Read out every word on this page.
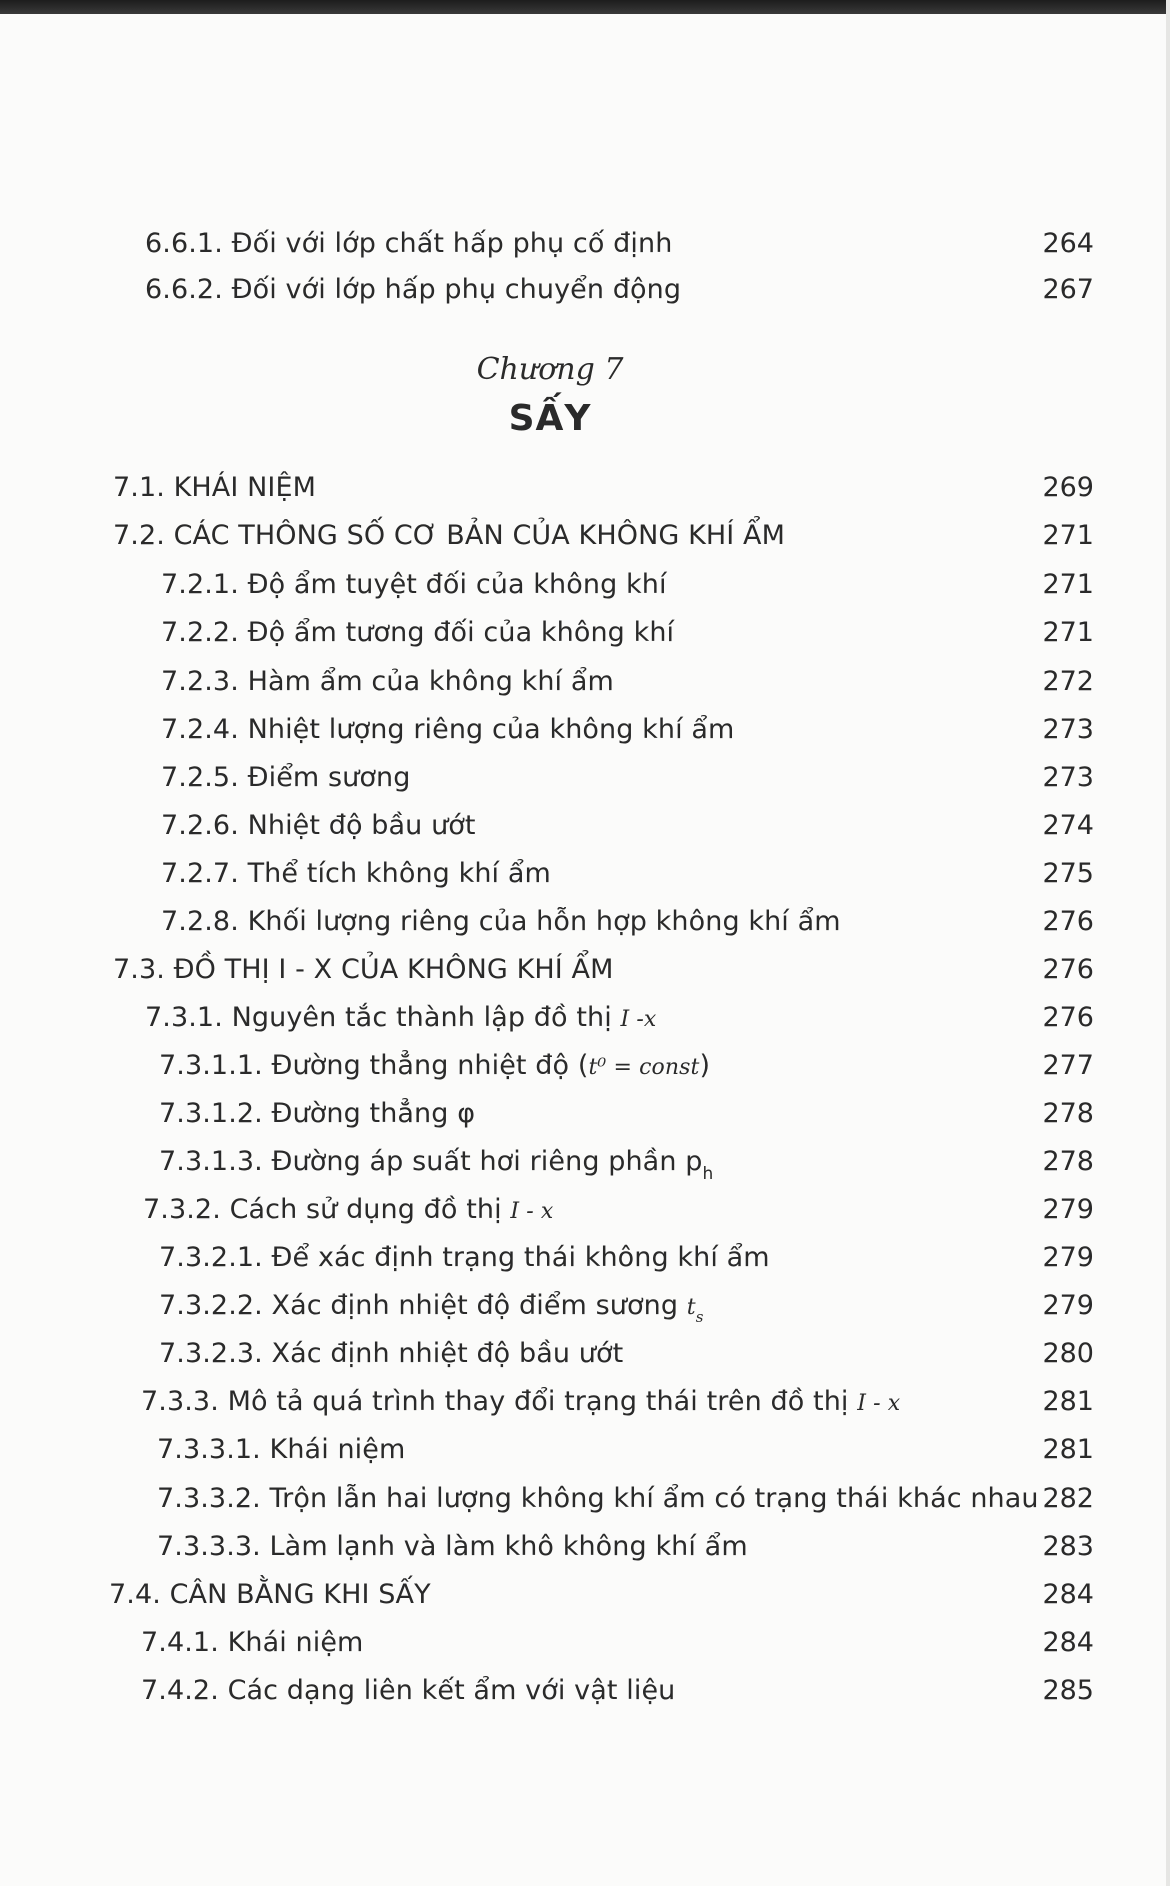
6.6.1. Đối với lớp chất hấp phụ cố định	264
6.6.2. Đối với lớp hấp phụ chuyển động	267
Chương 7
SẤY
7.1. KHÁI NIỆM	269
7.2. CÁC THÔNG SỐ CƠ BẢN CỦA KHÔNG KHÍ ẨM	271
7.2.1. Độ ẩm tuyệt đối của không khí	271
7.2.2. Độ ẩm tương đối của không khí	271
7.2.3. Hàm ẩm của không khí ẩm	272
7.2.4. Nhiệt lượng riêng của không khí ẩm	273
7.2.5. Điểm sương	273
7.2.6. Nhiệt độ bầu ướt	274
7.2.7. Thể tích không khí ẩm	275
7.2.8. Khối lượng riêng của hỗn hợp không khí ẩm	276
7.3. ĐỒ THỊ I - X CỦA KHÔNG KHÍ ẨM	276
7.3.1. Nguyên tắc thành lập đồ thị I -x	276
7.3.1.1. Đường thẳng nhiệt độ (t⁰ = const)	277
7.3.1.2. Đường thẳng φ	278
7.3.1.3. Đường áp suất hơi riêng phần $p_h$	278
7.3.2. Cách sử dụng đồ thị I - x	279
7.3.2.1. Để xác định trạng thái không khí ẩm	279
7.3.2.2. Xác định nhiệt độ điểm sương $t_s$	279
7.3.2.3. Xác định nhiệt độ bầu ướt	280
7.3.3. Mô tả quá trình thay đổi trạng thái trên đồ thị I - x	281
7.3.3.1. Khái niệm	281
7.3.3.2. Trộn lẫn hai lượng không khí ẩm có trạng thái khác nhau 282
7.3.3.3. Làm lạnh và làm khô không khí ẩm	283
7.4. CÂN BẰNG KHI SẤY	284
7.4.1. Khái niệm	284
7.4.2. Các dạng liên kết ẩm với vật liệu	285
